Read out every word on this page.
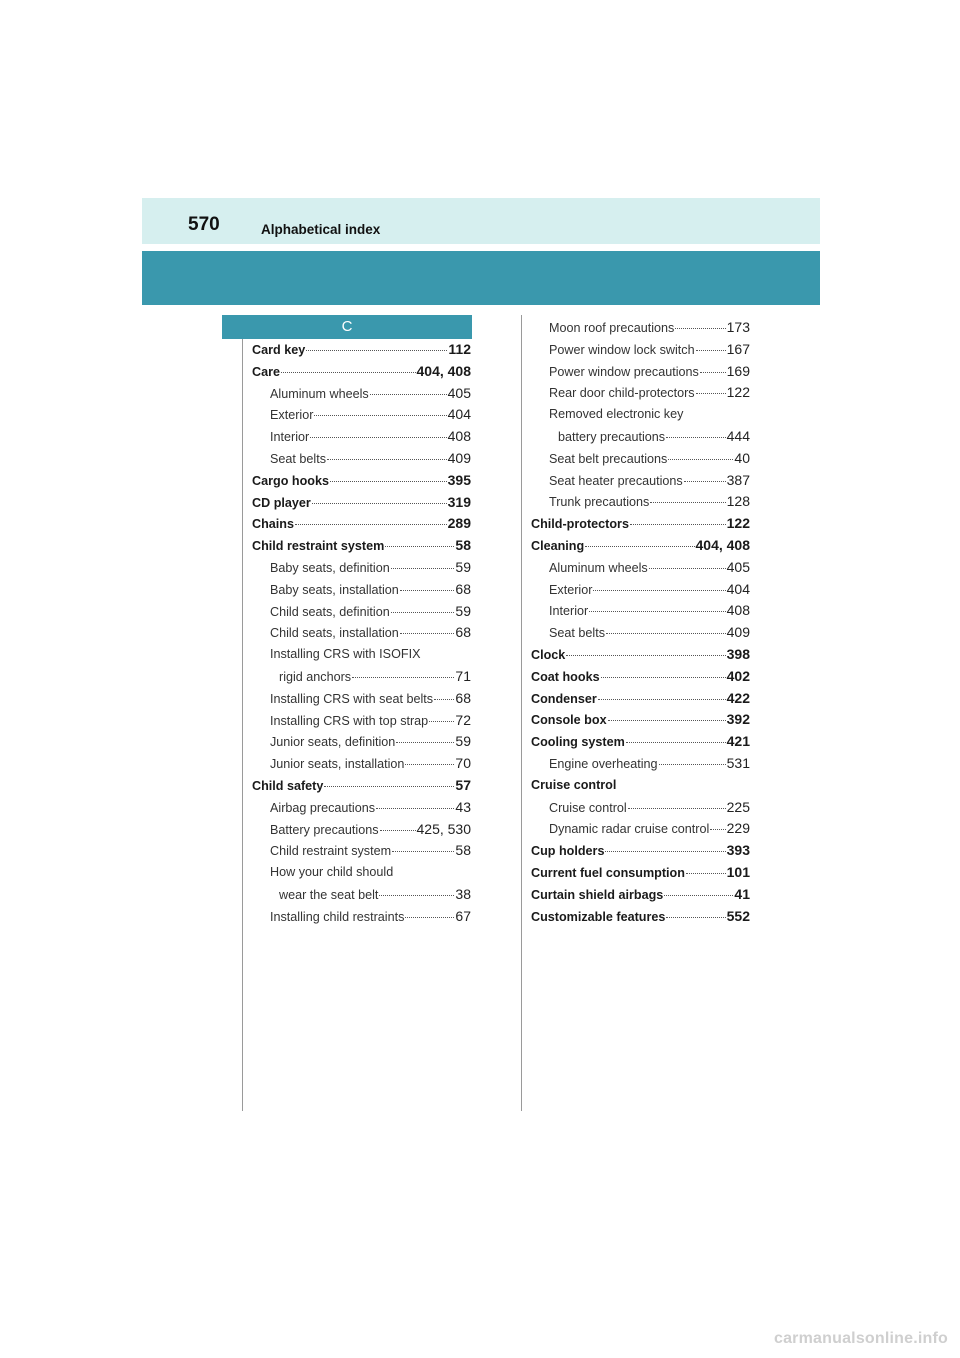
570	Alphabetical index
C
Card key	112
Care	404, 408
Aluminum wheels	405
Exterior	404
Interior	408
Seat belts	409
Cargo hooks	395
CD player	319
Chains	289
Child restraint system	58
Baby seats, definition	59
Baby seats, installation	68
Child seats, definition	59
Child seats, installation	68
Installing CRS with ISOFIX
rigid anchors	71
Installing CRS with seat belts 68
Installing CRS with top strap 72
Junior seats, definition	59
Junior seats, installation	70
Child safety	57
Airbag precautions	43
Battery precautions	425, 530
Child restraint system	58
How your child should
wear the seat belt	38
Installing child restraints	67
Moon roof precautions	173
Power window lock switch 167
Power window precautions 169
Rear door child-protectors 122
Removed electronic key
battery precautions	444
Seat belt precautions	40
Seat heater precautions	387
Trunk precautions	128
Child-protectors	122
Cleaning	404, 408
Aluminum wheels	405
Exterior	404
Interior	408
Seat belts	409
Clock	398
Coat hooks	402
Condenser	422
Console box	392
Cooling system	421
Engine overheating	531
Cruise control
Cruise control	225
Dynamic radar cruise control 229
Cup holders	393
Current fuel consumption	101
Curtain shield airbags	41
Customizable features	552
carmanualsonline.info
